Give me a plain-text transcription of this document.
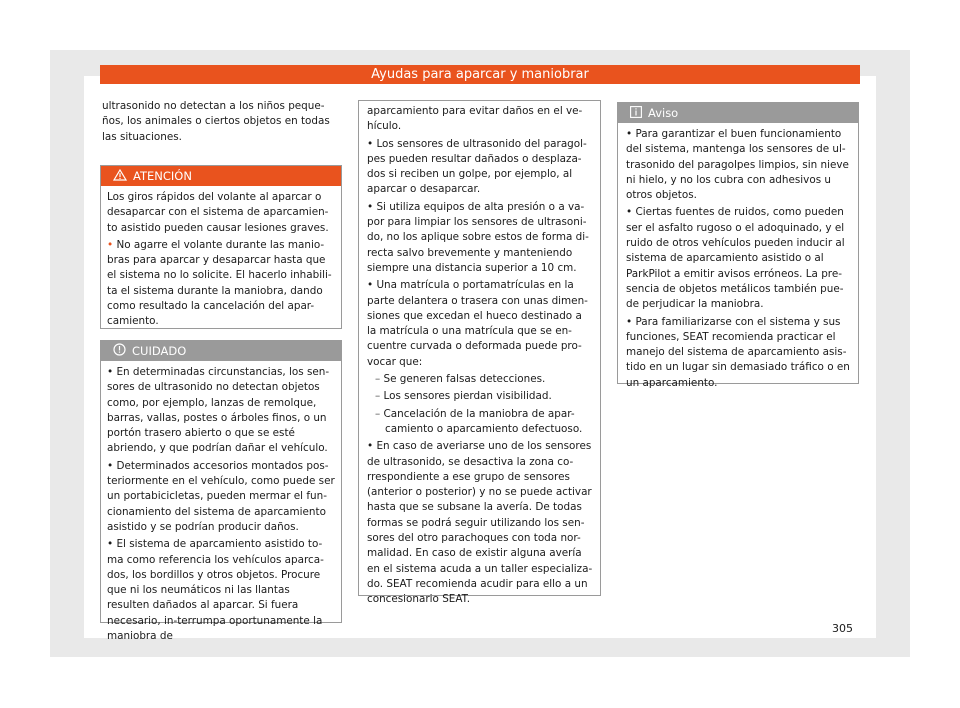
Ayudas para aparcar y maniobrar

ultrasonido no detectan a los niños peque-ños, los animales o ciertos objetos en todas las situaciones.

ATENCIÓN

Los giros rápidos del volante al aparcar o desaparcar con el sistema de aparcamien-to asistido pueden causar lesiones graves.

• No agarre el volante durante las manio-bras para aparcar y desaparcar hasta que el sistema no lo solicite. El hacerlo inhabili-ta el sistema durante la maniobra, dando como resultado la cancelación del apar-camiento.

CUIDADO

• En determinadas circunstancias, los sen-sores de ultrasonido no detectan objetos como, por ejemplo, lanzas de remolque, barras, vallas, postes o árboles finos, o un portón trasero abierto o que se esté abriendo, y que podrían dañar el vehículo.

• Determinados accesorios montados pos-teriormente en el vehículo, como puede ser un portabicicletas, pueden mermar el fun-cionamiento del sistema de aparcamiento asistido y se podrían producir daños.

• El sistema de aparcamiento asistido to-ma como referencia los vehículos aparca-dos, los bordillos y otros objetos. Procure que ni los neumáticos ni las llantas resulten dañados al aparcar. Si fuera necesario, in-terrumpa oportunamente la maniobra de

aparcamiento para evitar daños en el ve-hículo.

• Los sensores de ultrasonido del paragol-pes pueden resultar dañados o desplaza-dos si reciben un golpe, por ejemplo, al aparcar o desaparcar.

• Si utiliza equipos de alta presión o a va-por para limpiar los sensores de ultrasoni-do, no los aplique sobre estos de forma di-recta salvo brevemente y manteniendo siempre una distancia superior a 10 cm.

• Una matrícula o portamatrículas en la parte delantera o trasera con unas dimen-siones que excedan el hueco destinado a la matrícula o una matrícula que se en-cuentre curvada o deformada puede pro-vocar que:

– Se generen falsas detecciones.

– Los sensores pierdan visibilidad.

– Cancelación de la maniobra de apar-camiento o aparcamiento defectuoso.

• En caso de averiarse uno de los sensores de ultrasonido, se desactiva la zona co-rrespondiente a ese grupo de sensores (anterior o posterior) y no se puede activar hasta que se subsane la avería. De todas formas se podrá seguir utilizando los sen-sores del otro parachoques con toda nor-malidad. En caso de existir alguna avería en el sistema acuda a un taller especializa-do. SEAT recomienda acudir para ello a un concesionario SEAT.

Aviso

• Para garantizar el buen funcionamiento del sistema, mantenga los sensores de ul-trasonido del paragolpes limpios, sin nieve ni hielo, y no los cubra con adhesivos u otros objetos.

• Ciertas fuentes de ruidos, como pueden ser el asfalto rugoso o el adoquinado, y el ruido de otros vehículos pueden inducir al sistema de aparcamiento asistido o al ParkPilot a emitir avisos erróneos. La pre-sencia de objetos metálicos también pue-de perjudicar la maniobra.

• Para familiarizarse con el sistema y sus funciones, SEAT recomienda practicar el manejo del sistema de aparcamiento asis-tido en un lugar sin demasiado tráfico o en un aparcamiento.

305
